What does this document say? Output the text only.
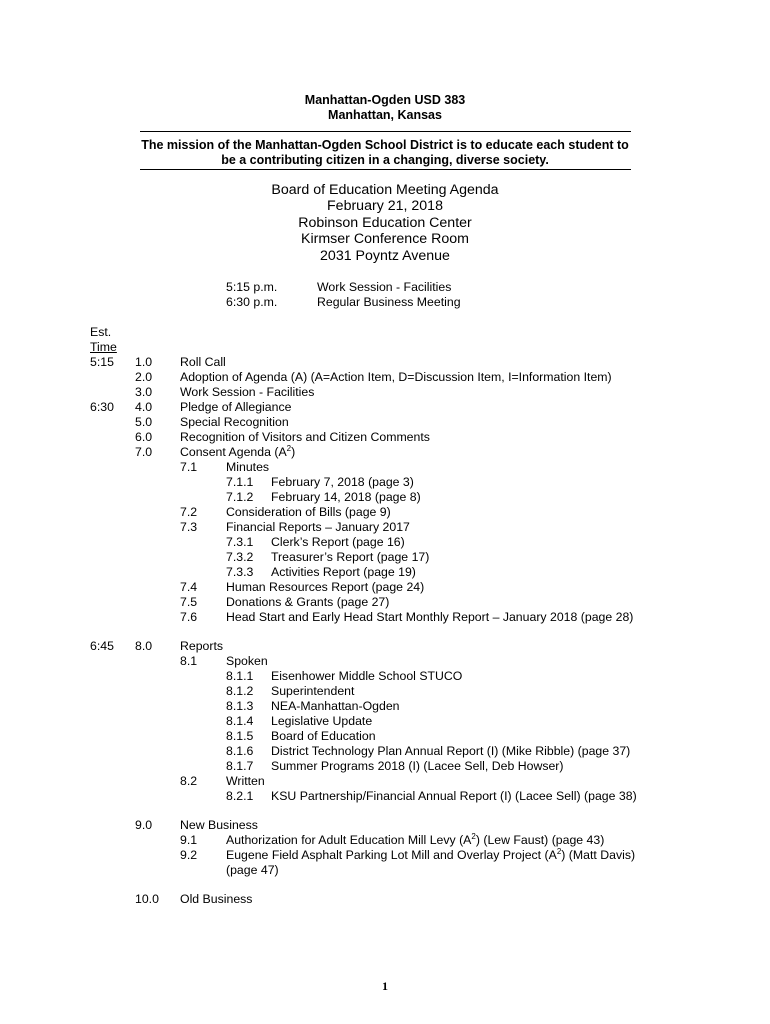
Manhattan-Ogden USD 383
Manhattan, Kansas
The mission of the Manhattan-Ogden School District is to educate each student to
be a contributing citizen in a changing, diverse society.
Board of Education Meeting Agenda
February 21, 2018
Robinson Education Center
Kirmser Conference Room
2031 Poyntz Avenue
5:15 p.m.	Work Session - Facilities
6:30 p.m.	Regular Business Meeting
Est.
Time
5:15
6:30
6:45
1.0 Roll Call
2.0 Adoption of Agenda (A) (A=Action Item, D=Discussion Item, I=Information Item)
3.0 Work Session - Facilities
4.0 Pledge of Allegiance
5.0 Special Recognition
6.0 Recognition of Visitors and Citizen Comments
7.0 Consent Agenda $(A^2)$
7.1 Minutes
7.1.1 February 7, 2018 (page 3)
7.1.2 February 14, 2018 (page 8)
7.2 Consideration of Bills (page 9)
7.3 Financial Reports – January 2017
7.3.1 Clerk’s Report (page 16)
7.3.2 Treasurer’s Report (page 17)
7.3.3 Activities Report (page 19)
7.4 Human Resources Report (page 24)
7.5 Donations & Grants (page 27)
7.6 Head Start and Early Head Start Monthly Report – January 2018 (page 28)
8.0 Reports
8.1 Spoken
8.1.1 Eisenhower Middle School STUCO
8.1.2 Superintendent
8.1.3 NEA-Manhattan-Ogden
8.1.4 Legislative Update
8.1.5 Board of Education
8.1.6 District Technology Plan Annual Report (I) (Mike Ribble) (page 37)
8.1.7 Summer Programs 2018 (I) (Lacee Sell, Deb Howser)
8.2 Written
8.2.1 KSU Partnership/Financial Annual Report (I) (Lacee Sell) (page 38)
9.0 New Business
9.1 Authorization for Adult Education Mill Levy $(A^2)$ (Lew Faust) (page 43)
9.2 Eugene Field Asphalt Parking Lot Mill and Overlay Project $(A^2)$ (Matt Davis)
(page 47)
10.0 Old Business
1
